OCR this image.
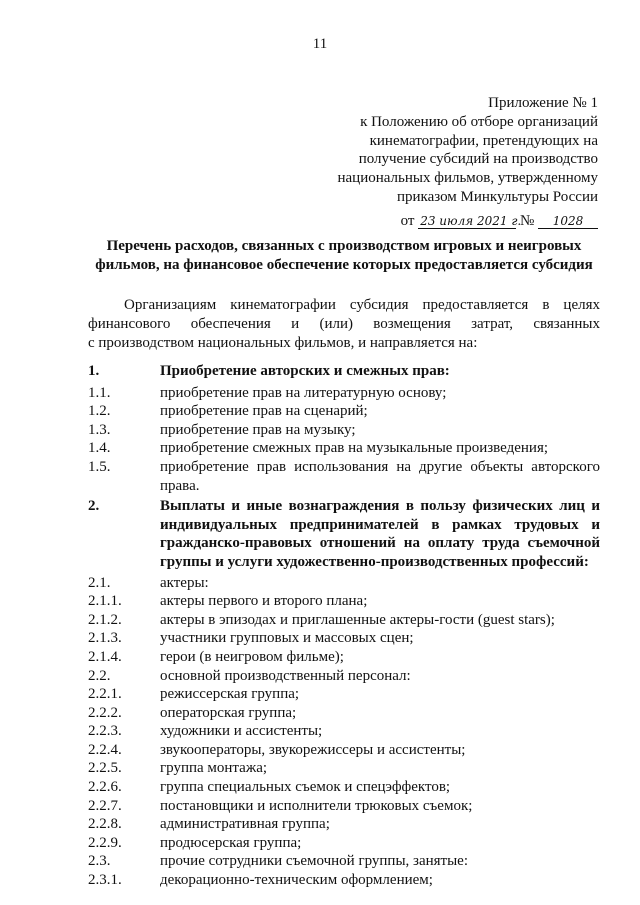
11
Приложение № 1
к Положению об отборе организаций
кинематографии, претендующих на
получение субсидий на производство
национальных фильмов, утвержденному
приказом Минкультуры России
от 23 июля 2021 г. № 1028
Перечень расходов, связанных с производством игровых и неигровых фильмов, на финансовое обеспечение которых предоставляется субсидия
Организациям кинематографии субсидия предоставляется в целях
финансового обеспечения и (или) возмещения затрат, связанных
с производством национальных фильмов, и направляется на:
1.	Приобретение авторских и смежных прав:
1.1.	приобретение прав на литературную основу;
1.2.	приобретение прав на сценарий;
1.3.	приобретение прав на музыку;
1.4.	приобретение смежных прав на музыкальные произведения;
1.5.	приобретение прав использования на другие объекты авторского права.
2.	Выплаты и иные вознаграждения в пользу физических лиц и индивидуальных предпринимателей в рамках трудовых и гражданско-правовых отношений на оплату труда съемочной группы и услуги художественно-производственных профессий:
2.1.	актеры:
2.1.1.	актеры первого и второго плана;
2.1.2.	актеры в эпизодах и приглашенные актеры-гости (guest stars);
2.1.3.	участники групповых и массовых сцен;
2.1.4.	герои (в неигровом фильме);
2.2.	основной производственный персонал:
2.2.1.	режиссерская группа;
2.2.2.	операторская группа;
2.2.3.	художники и ассистенты;
2.2.4.	звукооператоры, звукорежиссеры и ассистенты;
2.2.5.	группа монтажа;
2.2.6.	группа специальных съемок и спецэффектов;
2.2.7.	постановщики и исполнители трюковых съемок;
2.2.8.	административная группа;
2.2.9.	продюсерская группа;
2.3.	прочие сотрудники съемочной группы, занятые:
2.3.1.	декорационно-техническим оформлением;
